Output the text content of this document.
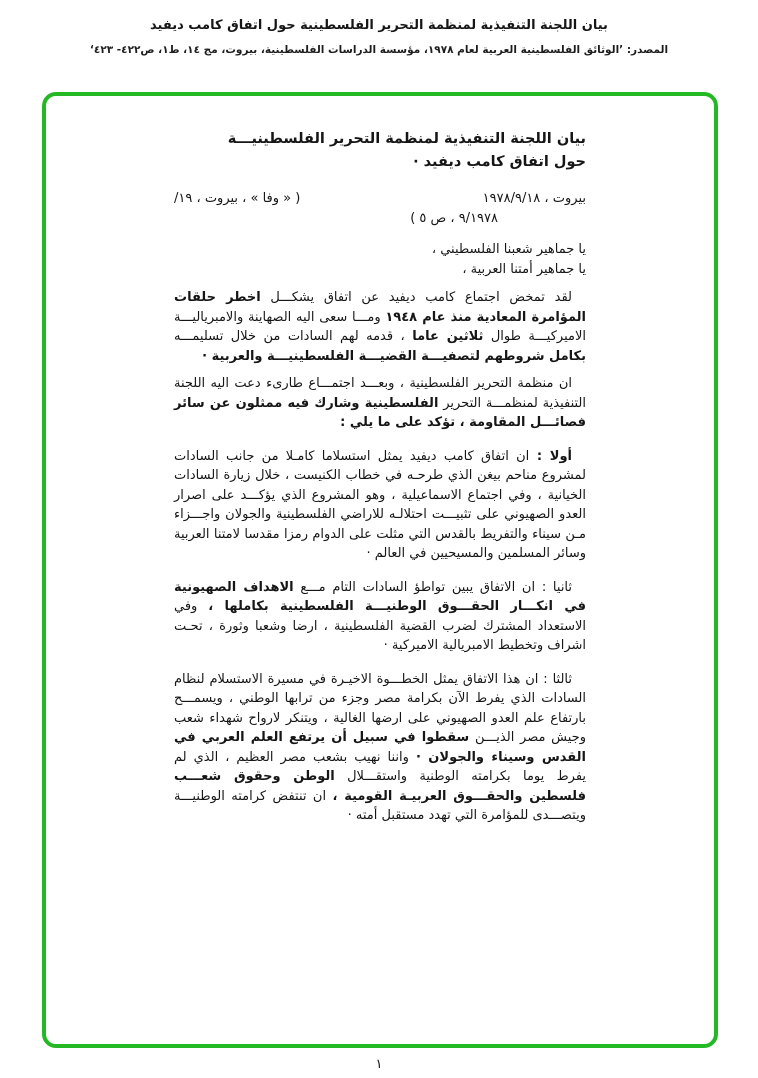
بيان اللجنة التنفيذية لمنظمة التحرير الفلسطينية حول اتفاق كامب ديفيد
المصدر: ’الوثائق الفلسطينية العربية لعام ١٩٧٨، مؤسسة الدراسات الفلسطينية، بيروت، مج ١٤، ط١، ص٤٢٢- ٤٢٣‘
بيان اللجنة التنفيذية لمنظمة التحرير الفلسطينيـــة
حول اتفاق كامب ديفيد ·
بيروت ، ١٩٧٨/٩/١٨
( « وفا » ، بيروت ، ١٩/
٩/١٩٧٨ ، ص ٥ )
يا جماهير شعبنا الفلسطيني ،
يا جماهير أمتنا العربية ،
لقد تمخض اجتماع كامب ديفيد عن اتفاق يشكـــل اخطر حلقات المؤامرة المعادية منذ عام ١٩٤٨ ومـــا سعى اليه الصهاينة والامبرياليـــة الاميركيـــة طوال ثلاثين عاما ، قدمه لهم السادات من خلال تسليمـــه بكامل شروطهم لتصفيـــة القضيـــة الفلسطينيـــة والعربية ·
ان منظمة التحرير الفلسطينية ، وبعـــد اجتمـــاع طارىء دعت اليه اللجنة التنفيذية لمنظمـــة التحرير الفلسطينية وشارك فيه ممثلون عن سائر فصائـــل المقاومة ، تؤكد على ما يلي :
أولا : ان اتفاق كامب ديفيد يمثل استسلاما كامـلا من جانب السادات لمشروع مناحم بيغن الذي طرحـه في خطاب الكنيست ، خلال زيارة السادات الخيانية ، وفي اجتماع الاسماعيلية ، وهو المشروع الذي يؤكـــد على اصرار العدو الصهيوني على تثبيـــت احتلالـه للاراضي الفلسطينية والجولان واجـــزاء مـن سيناء والتفريط بالقدس التي مثلت على الدوام رمزا مقدسا لامتنا العربية وسائر المسلمين والمسيحيين في العالم ·
ثانيا : ان الاتفاق يبين تواطؤ السادات التام مـــع الاهداف الصهيونية في انكـــار الحقـــوق الوطنيـــة الفلسطينية بكاملها ، وفي الاستعداد المشترك لضرب القضية الفلسطينية ، ارضا وشعبا وثورة ، تحـت اشراف وتخطيط الامبريالية الاميركية ·
ثالثا : ان هذا الاتفاق يمثل الخطـــوة الاخيـرة في مسيرة الاستسلام لنظام السادات الذي يفرط الآن بكرامة مصر وجزء من ترابها الوطني ، ويسمـــح بارتفاع علم العدو الصهيوني على ارضها الغالية ، ويتنكر لارواح شهداء شعب وجيش مصر الذيـــن سقطوا في سبيل أن يرتفع العلم العربي في القدس وسيناء والجولان · واننا نهيب بشعب مصر العظيم ، الذي لم يفرط يوما بكرامته الوطنية واستقـــلال الوطن وحقوق شعـــب فلسطين والحقـــوق العربيـة القومية ، ان تنتفض كرامته الوطنيـــة ويتصـــدى للمؤامرة التي تهدد مستقبل أمته ·
١
